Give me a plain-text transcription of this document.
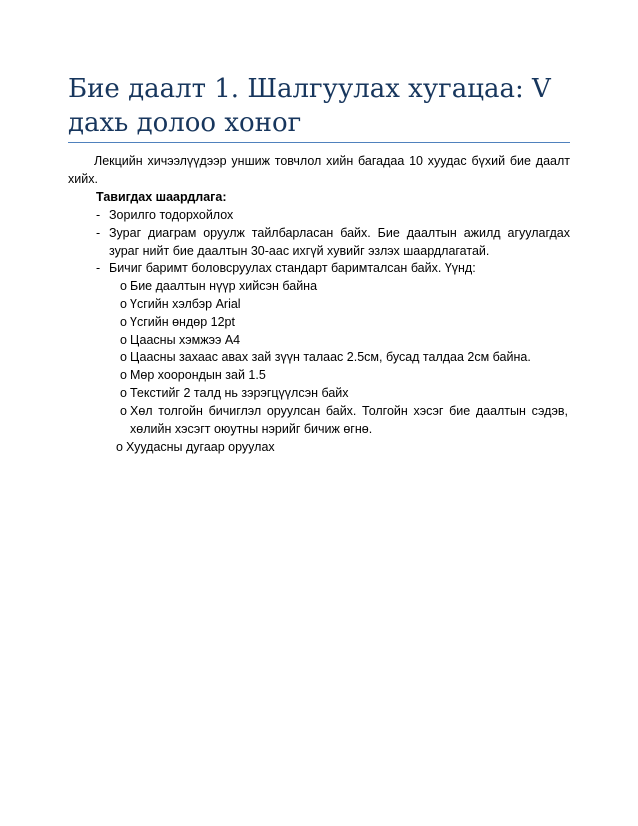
Бие даалт 1. Шалгуулах хугацаа: V дахь долоо хоног

Лекцийн хичээлүүдээр уншиж товчлол хийн багадаа 10 хуудас бүхий бие даалт хийх.

Тавигдах шаардлага:
- Зорилго тодорхойлох
- Зураг диаграм оруулж тайлбарласан байх. Бие даалтын ажилд агуулагдах зураг нийт бие даалтын 30-аас ихгүй хувийг эзлэх шаардлагатай.
- Бичиг баримт боловсруулах стандарт баримталсан байх. Үүнд:
o Бие даалтын нүүр хийсэн байна
o Үсгийн хэлбэр Arial
o Үсгийн өндөр 12pt
o Цаасны хэмжээ A4
o Цаасны захаас авах зай зүүн талаас 2.5см, бусад талдаа 2см байна.
o Мөр хоорондын зай 1.5
o Текстийг 2 талд нь зэрэгцүүлсэн байх
o Хөл толгойн бичиглэл оруулсан байх. Толгойн хэсэг бие даалтын сэдэв, хөлийн хэсэгт оюутны нэрийг бичиж өгнө.
o Хуудасны дугаар оруулах
